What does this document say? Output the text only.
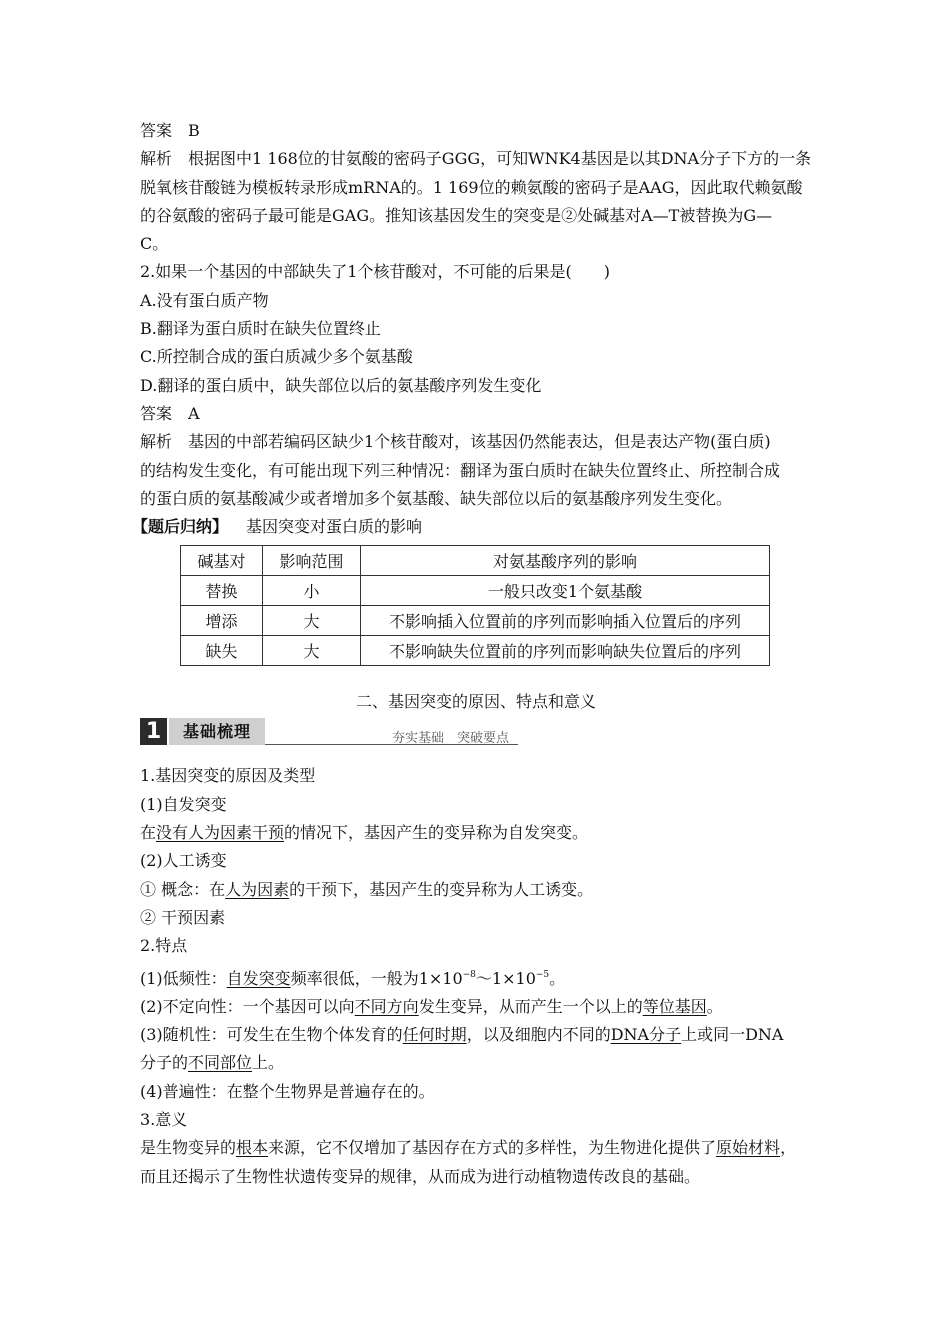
答案　B
解析　根据图中1 168位的甘氨酸的密码子GGG，可知WNK4基因是以其DNA分子下方的一条
脱氧核苷酸链为模板转录形成mRNA的。1 169位的赖氨酸的密码子是AAG，因此取代赖氨酸
的谷氨酸的密码子最可能是GAG。推知该基因发生的突变是②处碱基对A—T被替换为G—
C。
2.如果一个基因的中部缺失了1个核苷酸对，不可能的后果是(　　)
A.没有蛋白质产物
B.翻译为蛋白质时在缺失位置终止
C.所控制合成的蛋白质减少多个氨基酸
D.翻译的蛋白质中，缺失部位以后的氨基酸序列发生变化
答案　A
解析　基因的中部若编码区缺少1个核苷酸对，该基因仍然能表达，但是表达产物(蛋白质)
的结构发生变化，有可能出现下列三种情况：翻译为蛋白质时在缺失位置终止、所控制合成
的蛋白质的氨基酸减少或者增加多个氨基酸、缺失部位以后的氨基酸序列发生变化。
【题后归纳】 基因突变对蛋白质的影响
碱基对	影响范围	对氨基酸序列的影响
替换	小	一般只改变1个氨基酸
增添	大	不影响插入位置前的序列而影响插入位置后的序列
缺失	大	不影响缺失位置前的序列而影响缺失位置后的序列
二、基因突变的原因、特点和意义
1	基础梳理	夯实基础　突破要点
1.基因突变的原因及类型
(1)自发突变
在没有人为因素干预的情况下，基因产生的变异称为自发突变。
(2)人工诱变
① 概念：在人为因素的干预下，基因产生的变异称为人工诱变。
② 干预因素
2.特点
(1)低频性：自发突变频率很低，一般为$1\times 10^{-8}\sim 1\times 10^{-5}$。
(2)不定向性：一个基因可以向不同方向发生变异，从而产生一个以上的等位基因。
(3)随机性：可发生在生物个体发育的任何时期，以及细胞内不同的DNA分子上或同一DNA
分子的不同部位上。
(4)普遍性：在整个生物界是普遍存在的。
3.意义
是生物变异的根本来源，它不仅增加了基因存在方式的多样性，为生物进化提供了原始材料，
而且还揭示了生物性状遗传变异的规律，从而成为进行动植物遗传改良的基础。
